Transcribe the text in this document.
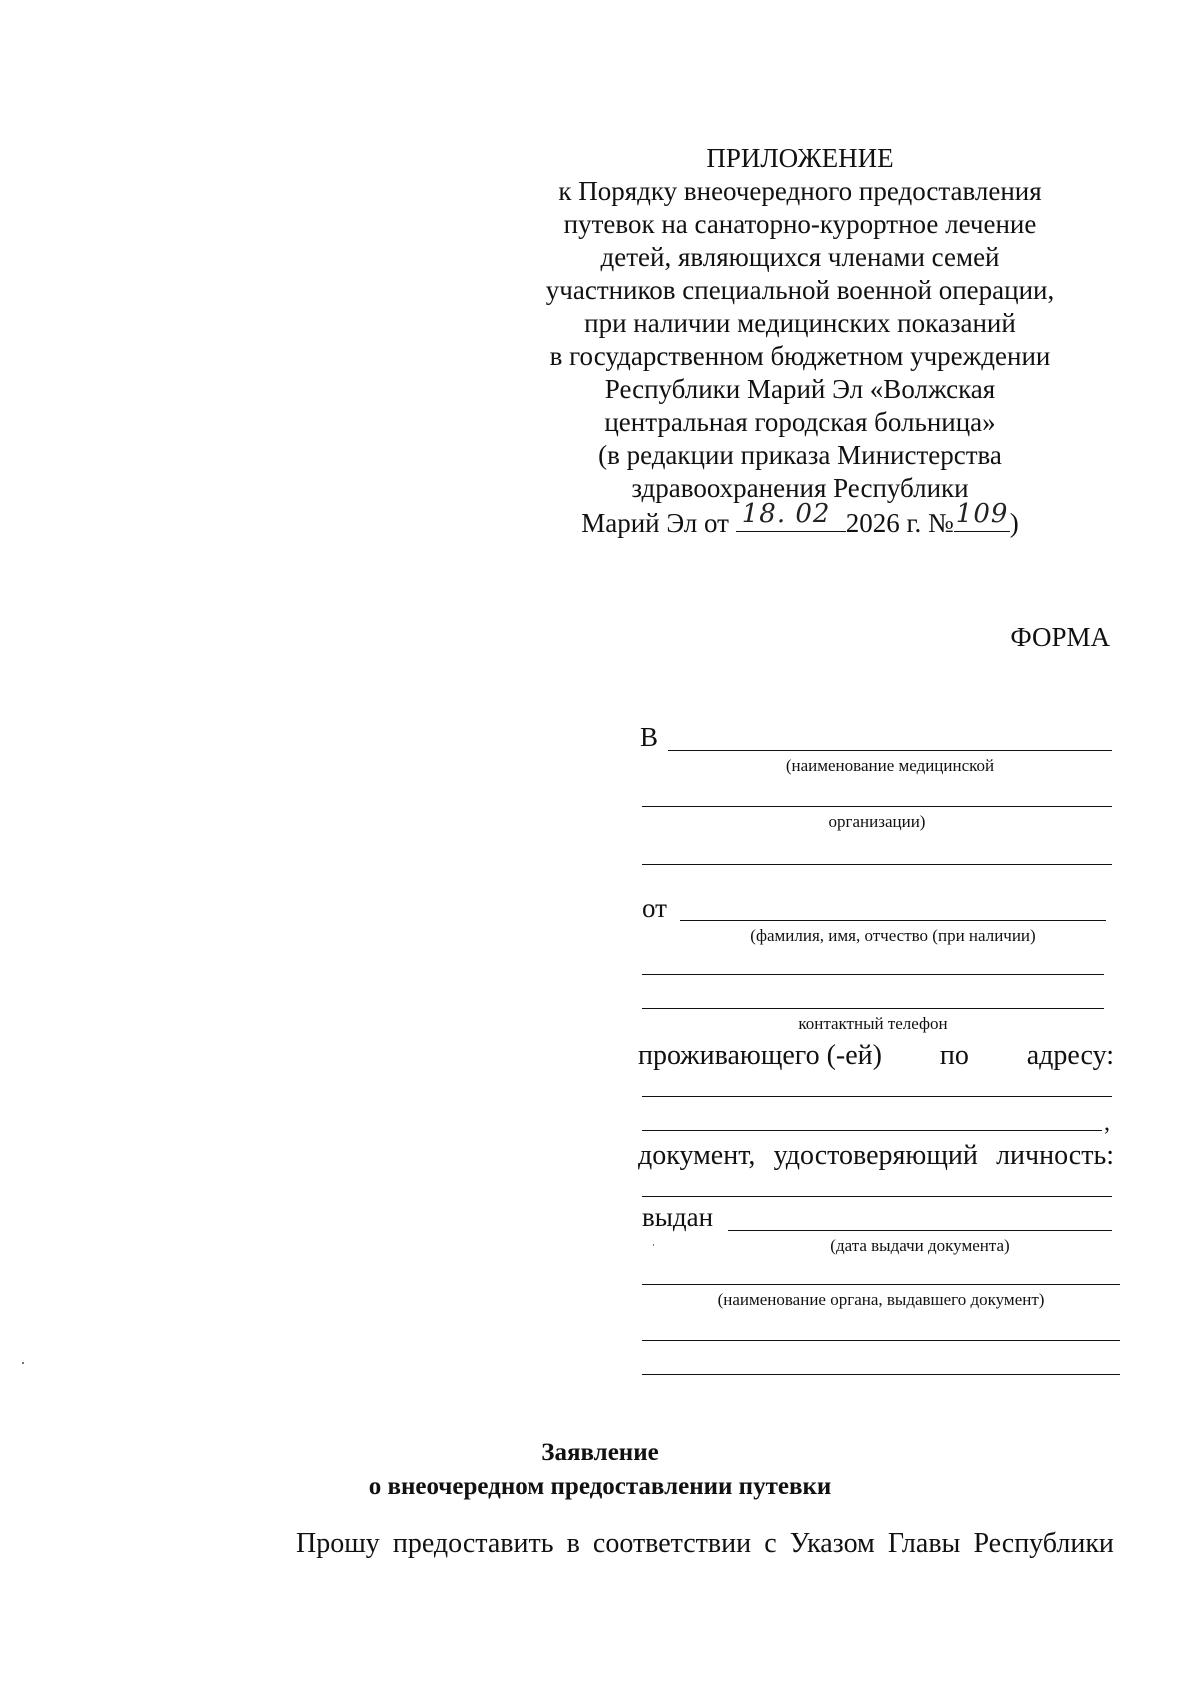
ПРИЛОЖЕНИЕ
к Порядку внеочередного предоставления
путевок на санаторно-курортное лечение
детей, являющихся членами семей
участников специальной военной операции,
при наличии медицинских показаний
в государственном бюджетном учреждении
Республики Марий Эл «Волжская
центральная городская больница»
(в редакции приказа Министерства
здравоохранения Республики
Марий Эл от 18. 02 2026 г. № 109 )
ФОРМА
В
(наименование медицинской
организации)
от
(фамилия, имя, отчество (при наличии)
контактный телефон
проживающего (-ей) по адресу:
,
документ, удостоверяющий личность:
выдан
(дата выдачи документа)
(наименование органа, выдавшего документ)
Заявление
о внеочередном предоставлении путевки
Прошу предоставить в соответствии с Указом Главы Республики
